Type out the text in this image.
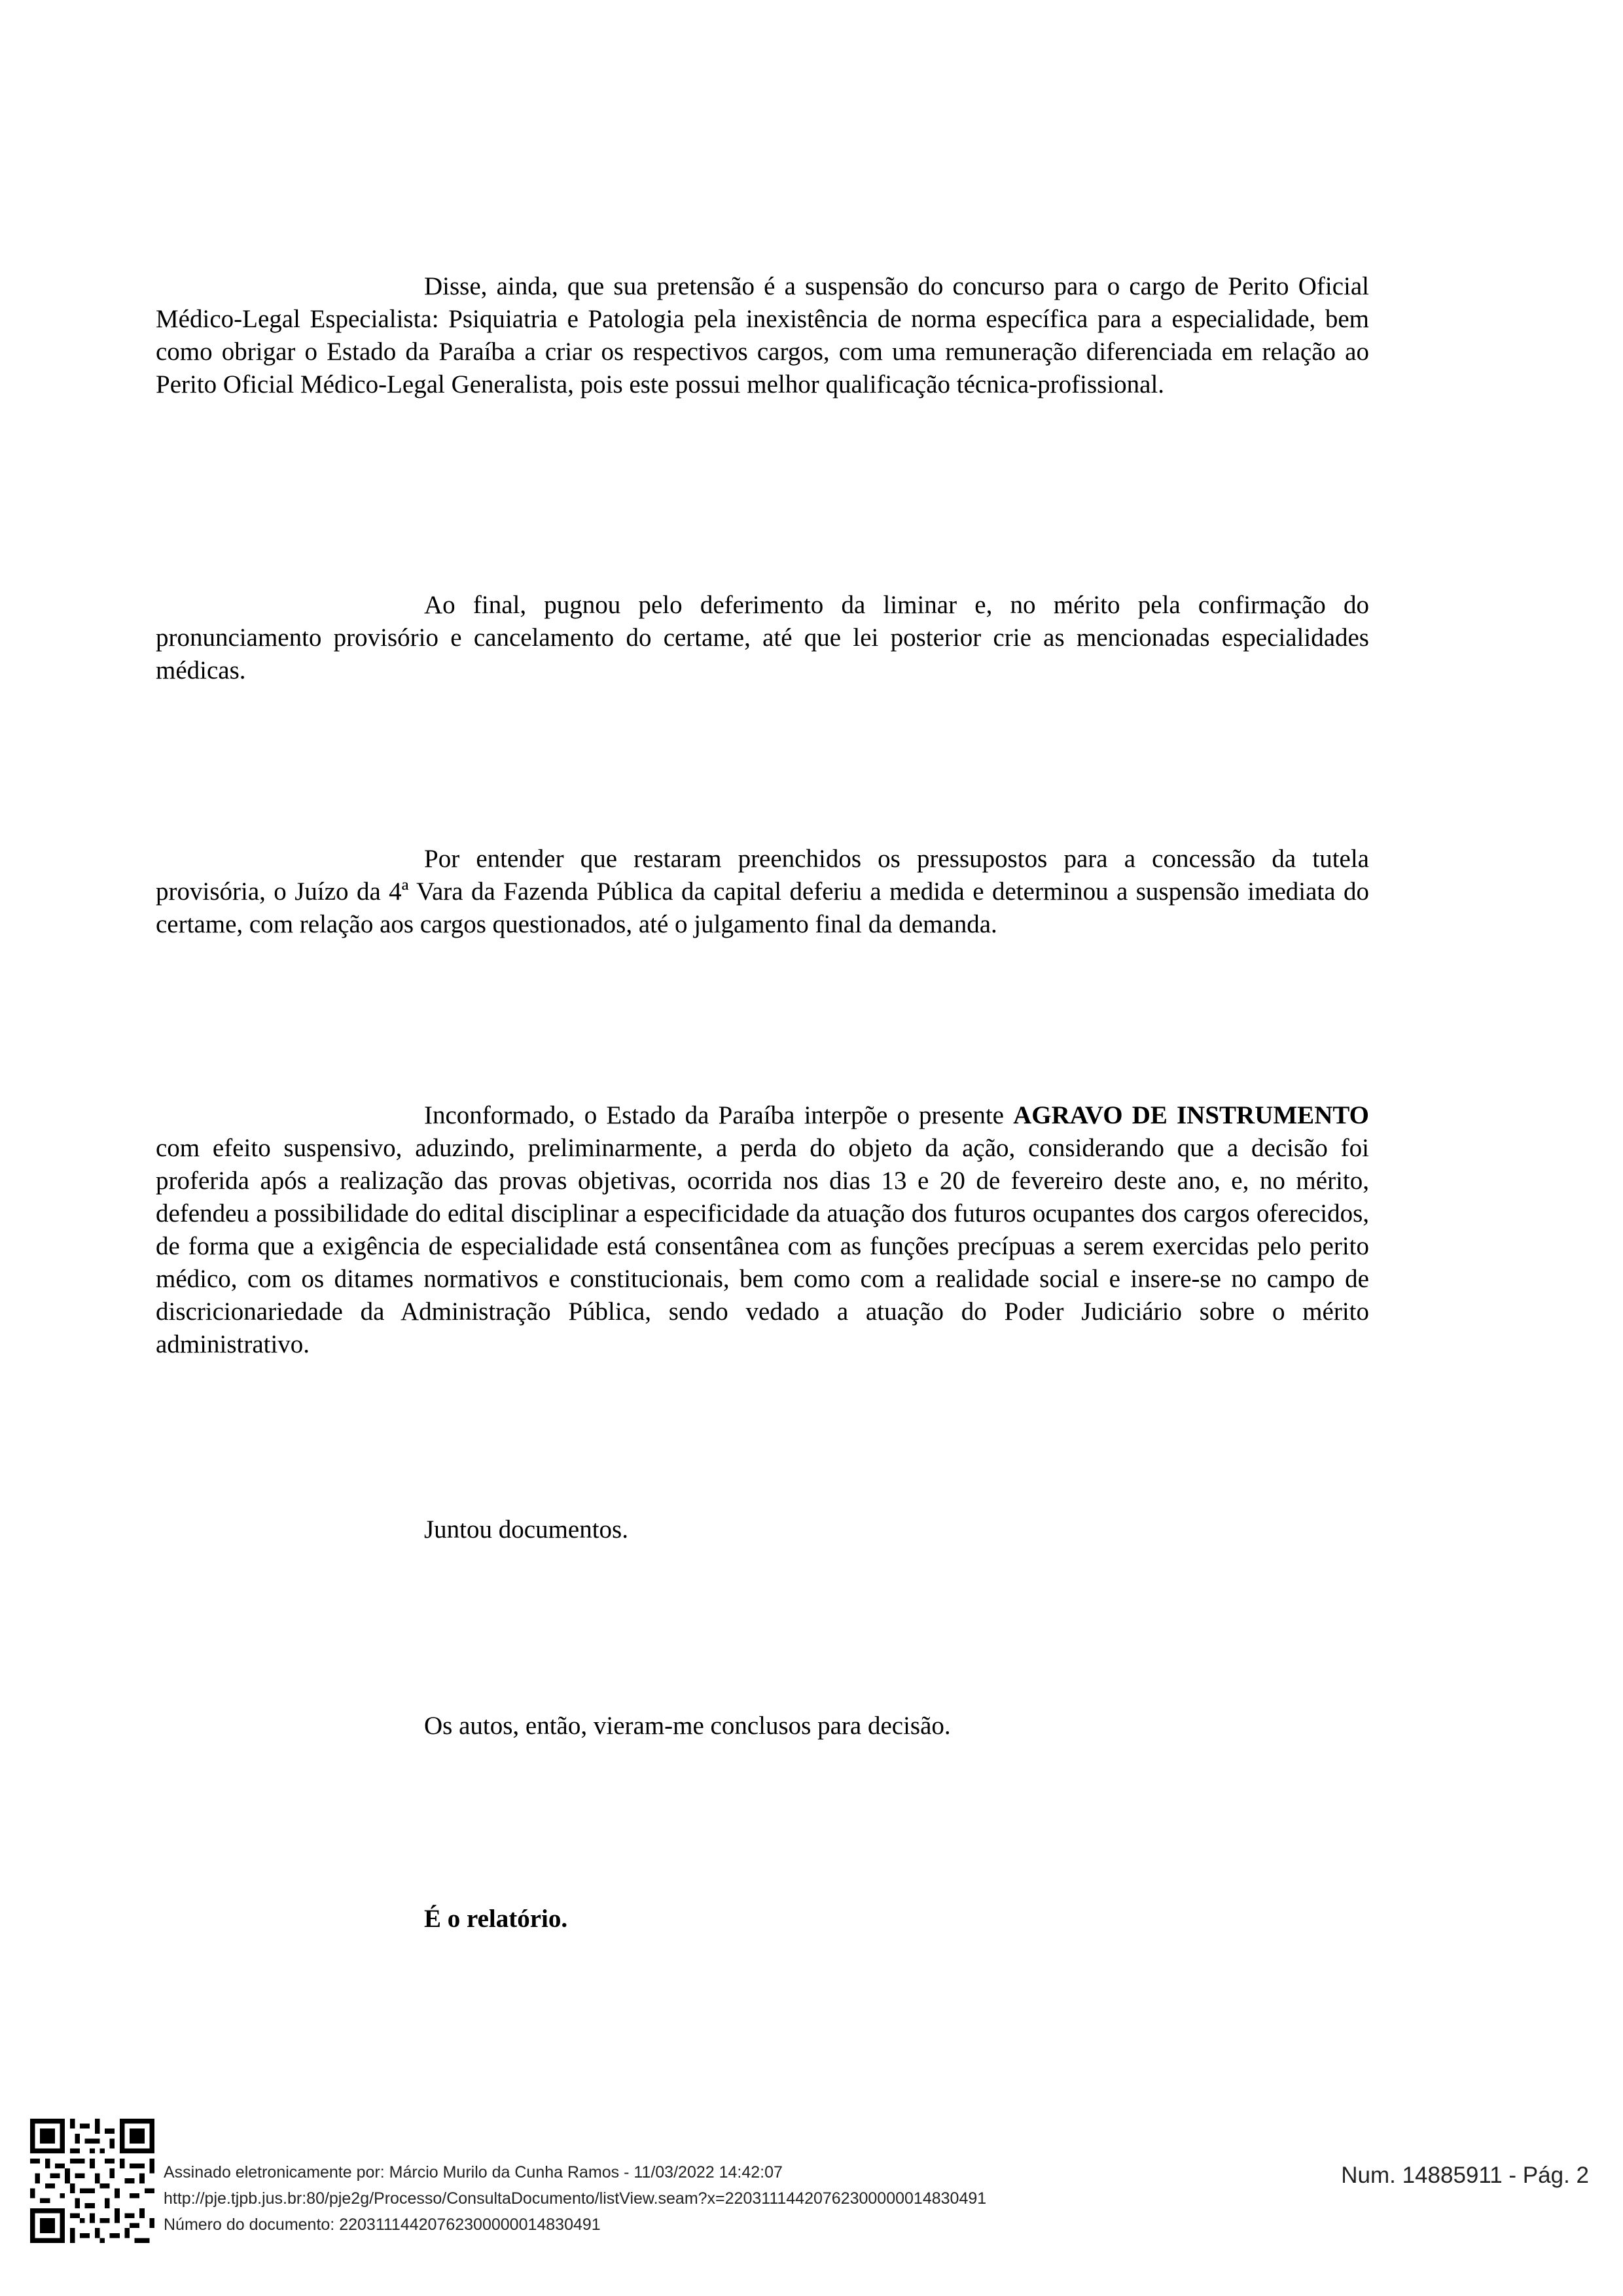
Disse, ainda, que sua pretensão é a suspensão do concurso para o cargo de Perito Oficial Médico-Legal Especialista: Psiquiatria e Patologia pela inexistência de norma específica para a especialidade, bem como obrigar o Estado da Paraíba a criar os respectivos cargos, com uma remuneração diferenciada em relação ao Perito Oficial Médico-Legal Generalista, pois este possui melhor qualificação técnica-profissional.

Ao final, pugnou pelo deferimento da liminar e, no mérito pela confirmação do pronunciamento provisório e cancelamento do certame, até que lei posterior crie as mencionadas especialidades médicas.

Por entender que restaram preenchidos os pressupostos para a concessão da tutela provisória, o Juízo da 4ª Vara da Fazenda Pública da capital deferiu a medida e determinou a suspensão imediata do certame, com relação aos cargos questionados, até o julgamento final da demanda.

Inconformado, o Estado da Paraíba interpõe o presente AGRAVO DE INSTRUMENTO com efeito suspensivo, aduzindo, preliminarmente, a perda do objeto da ação, considerando que a decisão foi proferida após a realização das provas objetivas, ocorrida nos dias 13 e 20 de fevereiro deste ano, e, no mérito, defendeu a possibilidade do edital disciplinar a especificidade da atuação dos futuros ocupantes dos cargos oferecidos, de forma que a exigência de especialidade está consentânea com as funções precípuas a serem exercidas pelo perito médico, com os ditames normativos e constitucionais, bem como com a realidade social e insere-se no campo de discricionariedade da Administração Pública, sendo vedado a atuação do Poder Judiciário sobre o mérito administrativo.

Juntou documentos.

Os autos, então, vieram-me conclusos para decisão.

É o relatório.

Assinado eletronicamente por: Márcio Murilo da Cunha Ramos - 11/03/2022 14:42:07
http://pje.tjpb.jus.br:80/pje2g/Processo/ConsultaDocumento/listView.seam?x=22031114420762300000014830491
Número do documento: 22031114420762300000014830491
Num. 14885911 - Pág. 2
